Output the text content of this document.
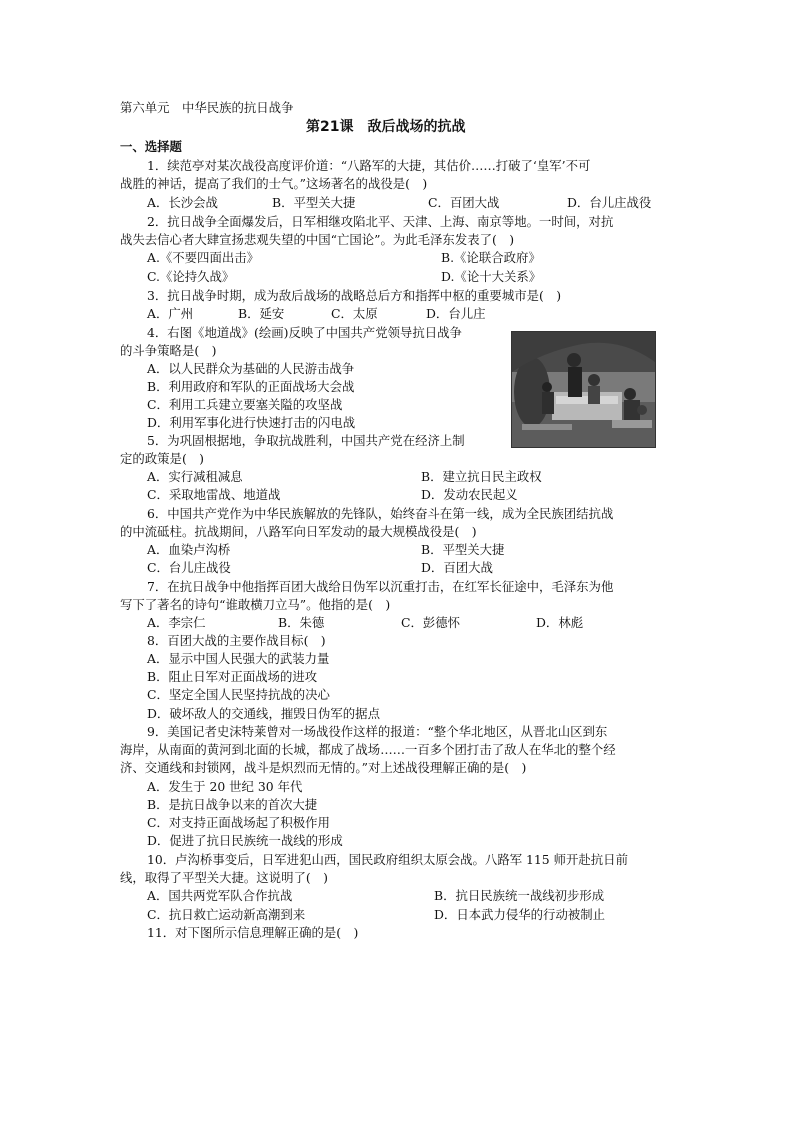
第六单元　中华民族的抗日战争
第21课　敌后战场的抗战
一、选择题
1．续范亭对某次战役高度评价道：“八路军的大捷，其估价……打破了‘皇军’不可
战胜的神话，提高了我们的士气。”这场著名的战役是(　)
A．长沙会战	B．平型关大捷	C．百团大战	D．台儿庄战役
2．抗日战争全面爆发后，日军相继攻陷北平、天津、上海、南京等地。一时间，对抗
战失去信心者大肆宣扬悲观失望的中国“亡国论”。为此毛泽东发表了(　)
A.《不要四面出击》	B.《论联合政府》
C.《论持久战》	D.《论十大关系》
3．抗日战争时期，成为敌后战场的战略总后方和指挥中枢的重要城市是(　)
A．广州	B．延安	C．太原	D．台儿庄
4．右图《地道战》(绘画)反映了中国共产党领导抗日战争
的斗争策略是(　)
A．以人民群众为基础的人民游击战争
B．利用政府和军队的正面战场大会战
C．利用工兵建立要塞关隘的攻坚战
D．利用军事化进行快速打击的闪电战
5．为巩固根据地，争取抗战胜利，中国共产党在经济上制
定的政策是(　)
A．实行减租减息	B．建立抗日民主政权
C．采取地雷战、地道战	D．发动农民起义
6．中国共产党作为中华民族解放的先锋队，始终奋斗在第一线，成为全民族团结抗战
的中流砥柱。抗战期间，八路军向日军发动的最大规模战役是(　)
A．血染卢沟桥	B．平型关大捷
C．台儿庄战役	D．百团大战
7．在抗日战争中他指挥百团大战给日伪军以沉重打击，在红军长征途中，毛泽东为他
写下了著名的诗句“谁敢横刀立马”。他指的是(　)
A．李宗仁	B．朱德	C．彭德怀	D．林彪
8．百团大战的主要作战目标(　)
A．显示中国人民强大的武装力量
B．阻止日军对正面战场的进攻
C．坚定全国人民坚持抗战的决心
D．破坏敌人的交通线，摧毁日伪军的据点
9．美国记者史沫特莱曾对一场战役作这样的报道：“整个华北地区，从晋北山区到东
海岸，从南面的黄河到北面的长城，都成了战场……一百多个团打击了敌人在华北的整个经
济、交通线和封锁网，战斗是炽烈而无情的。”对上述战役理解正确的是(　)
A．发生于 20 世纪 30 年代
B．是抗日战争以来的首次大捷
C．对支持正面战场起了积极作用
D．促进了抗日民族统一战线的形成
10．卢沟桥事变后，日军进犯山西，国民政府组织太原会战。八路军 115 师开赴抗日前
线，取得了平型关大捷。这说明了(　)
A．国共两党军队合作抗战	B．抗日民族统一战线初步形成
C．抗日救亡运动新高潮到来	D．日本武力侵华的行动被制止
11．对下图所示信息理解正确的是(　)
